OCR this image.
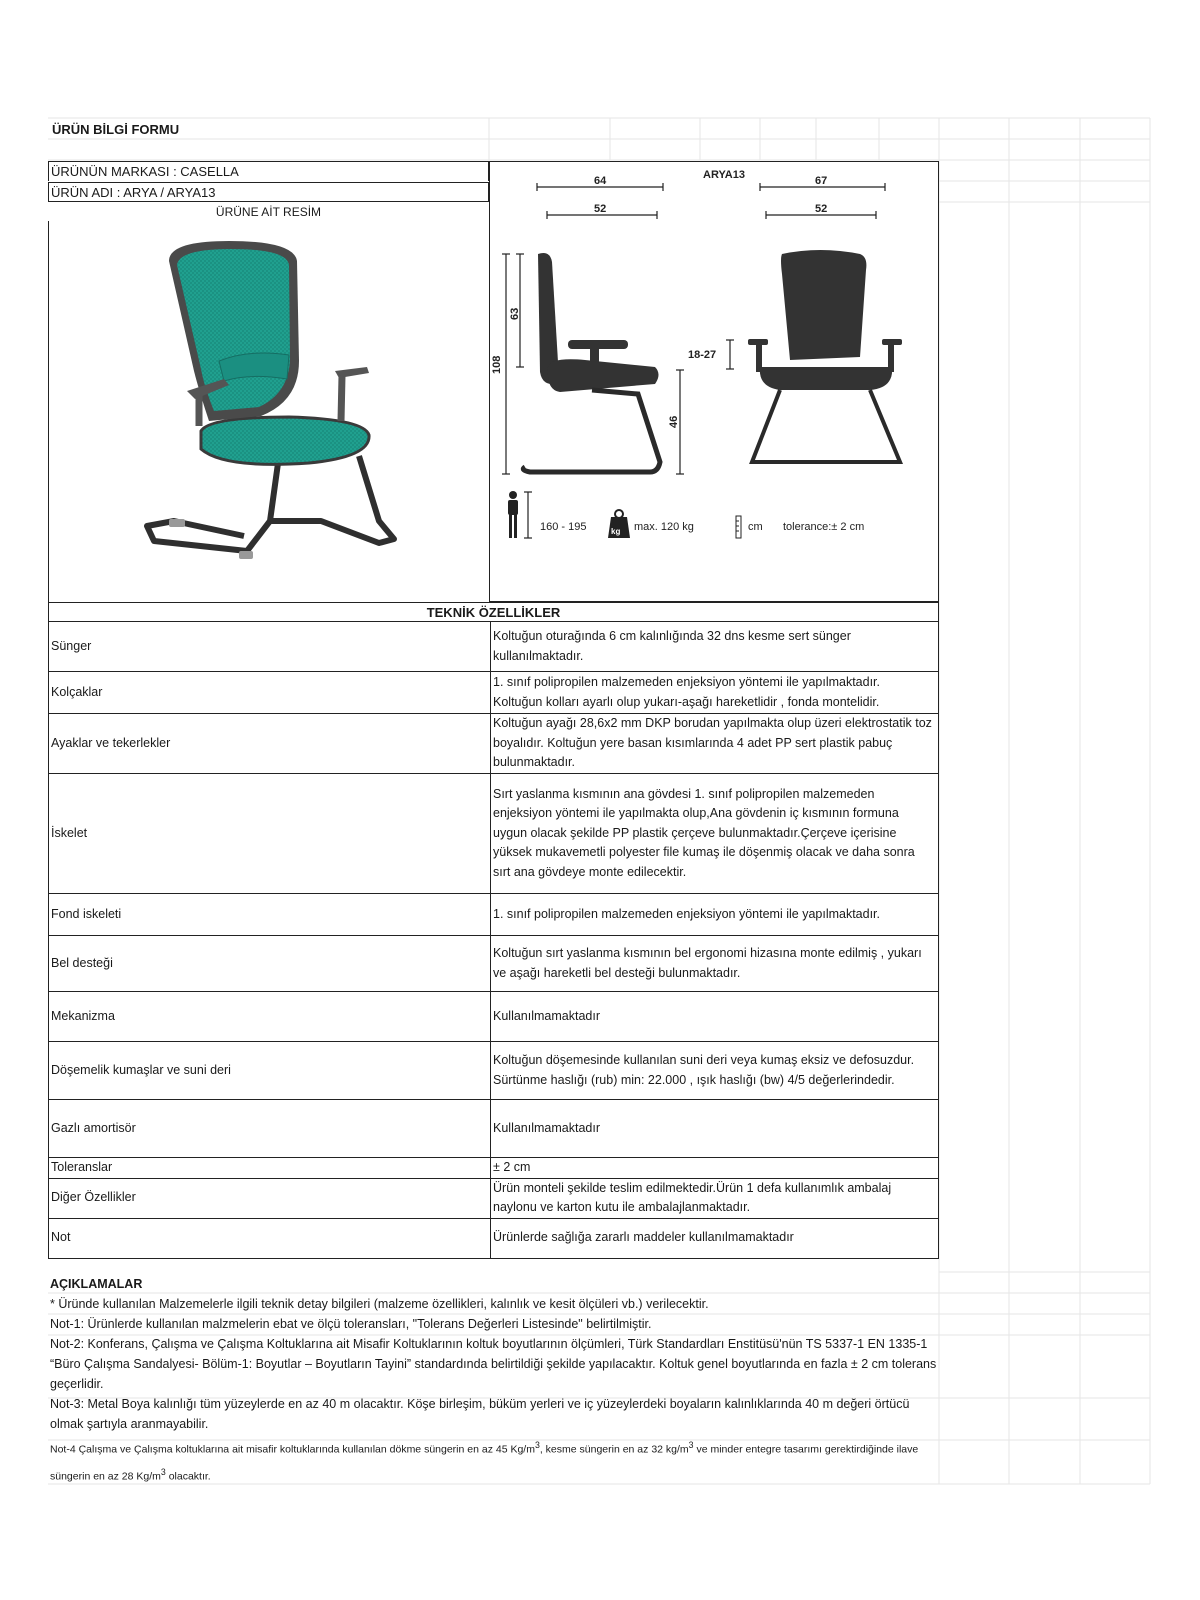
ÜRÜN BİLGİ FORMU
ÜRÜNÜN MARKASI : CASELLA
ÜRÜN ADI : ARYA / ARYA13
ÜRÜNE AİT RESİM
ARYA13
64
52
67
52
108
63
46
18-27
160 - 195	kg max. 120 kg	cm tolerance:± 2 cm
TEKNİK ÖZELLİKLER
Sünger	Koltuğun oturağında 6 cm kalınlığında 32 dns kesme sert sünger kullanılmaktadır.
Kolçaklar	1. sınıf polipropilen malzemeden enjeksiyon yöntemi ile yapılmaktadır. Koltuğun kolları ayarlı olup yukarı-aşağı hareketlidir , fonda montelidir.
Ayaklar ve tekerlekler	Koltuğun ayağı 28,6x2 mm DKP borudan yapılmakta olup üzeri elektrostatik toz boyalıdır. Koltuğun yere basan kısımlarında 4 adet PP sert plastik pabuç bulunmaktadır.
İskelet	Sırt yaslanma kısmının ana gövdesi 1. sınıf polipropilen malzemeden enjeksiyon yöntemi ile yapılmakta olup,Ana gövdenin iç kısmının formuna uygun olacak şekilde PP plastik çerçeve bulunmaktadır.Çerçeve içerisine yüksek mukavemetli polyester file kumaş ile döşenmiş olacak ve daha sonra sırt ana gövdeye monte edilecektir.
Fond iskeleti	1. sınıf polipropilen malzemeden enjeksiyon yöntemi ile yapılmaktadır.
Bel desteği	Koltuğun sırt yaslanma kısmının bel ergonomi hizasına monte edilmiş , yukarı ve aşağı hareketli bel desteği bulunmaktadır.
Mekanizma	Kullanılmamaktadır
Döşemelik kumaşlar ve suni deri	Koltuğun döşemesinde kullanılan suni deri veya kumaş eksiz ve defosuzdur. Sürtünme haslığı (rub) min: 22.000 , ışık haslığı (bw) 4/5 değerlerindedir.
Gazlı amortisör	Kullanılmamaktadır
Toleranslar	± 2 cm
Diğer Özellikler	Ürün monteli şekilde teslim edilmektedir.Ürün 1 defa kullanımlık ambalaj naylonu ve karton kutu ile ambalajlanmaktadır.
Not	Ürünlerde sağlığa zararlı maddeler kullanılmamaktadır
AÇIKLAMALAR
* Üründe kullanılan Malzemelerle ilgili teknik detay bilgileri (malzeme özellikleri, kalınlık ve kesit ölçüleri vb.) verilecektir.
Not-1: Ürünlerde kullanılan malzmelerin ebat ve ölçü toleransları, "Tolerans Değerleri Listesinde" belirtilmiştir.
Not-2: Konferans, Çalışma ve Çalışma Koltuklarına ait Misafir Koltuklarının koltuk boyutlarının ölçümleri, Türk Standardları Enstitüsü'nün TS 5337-1 EN 1335-1 “Büro Çalışma Sandalyesi- Bölüm-1: Boyutlar – Boyutların Tayini” standardında belirtildiği şekilde yapılacaktır. Koltuk genel boyutlarında en fazla ± 2 cm tolerans geçerlidir.
Not-3: Metal Boya kalınlığı tüm yüzeylerde en az 40 m olacaktır. Köşe birleşim, büküm yerleri ve iç yüzeylerdeki boyaların kalınlıklarında 40 m değeri örtücü olmak şartıyla aranmayabilir.
Not-4 Çalışma ve Çalışma koltuklarına ait misafir koltuklarında kullanılan dökme süngerin en az 45 $Kg/m^3$, kesme süngerin en az 32 $kg/m^3$ ve minder entegre tasarımı gerektirdiğinde ilave süngerin en az 28 $Kg/m^3$ olacaktır.
